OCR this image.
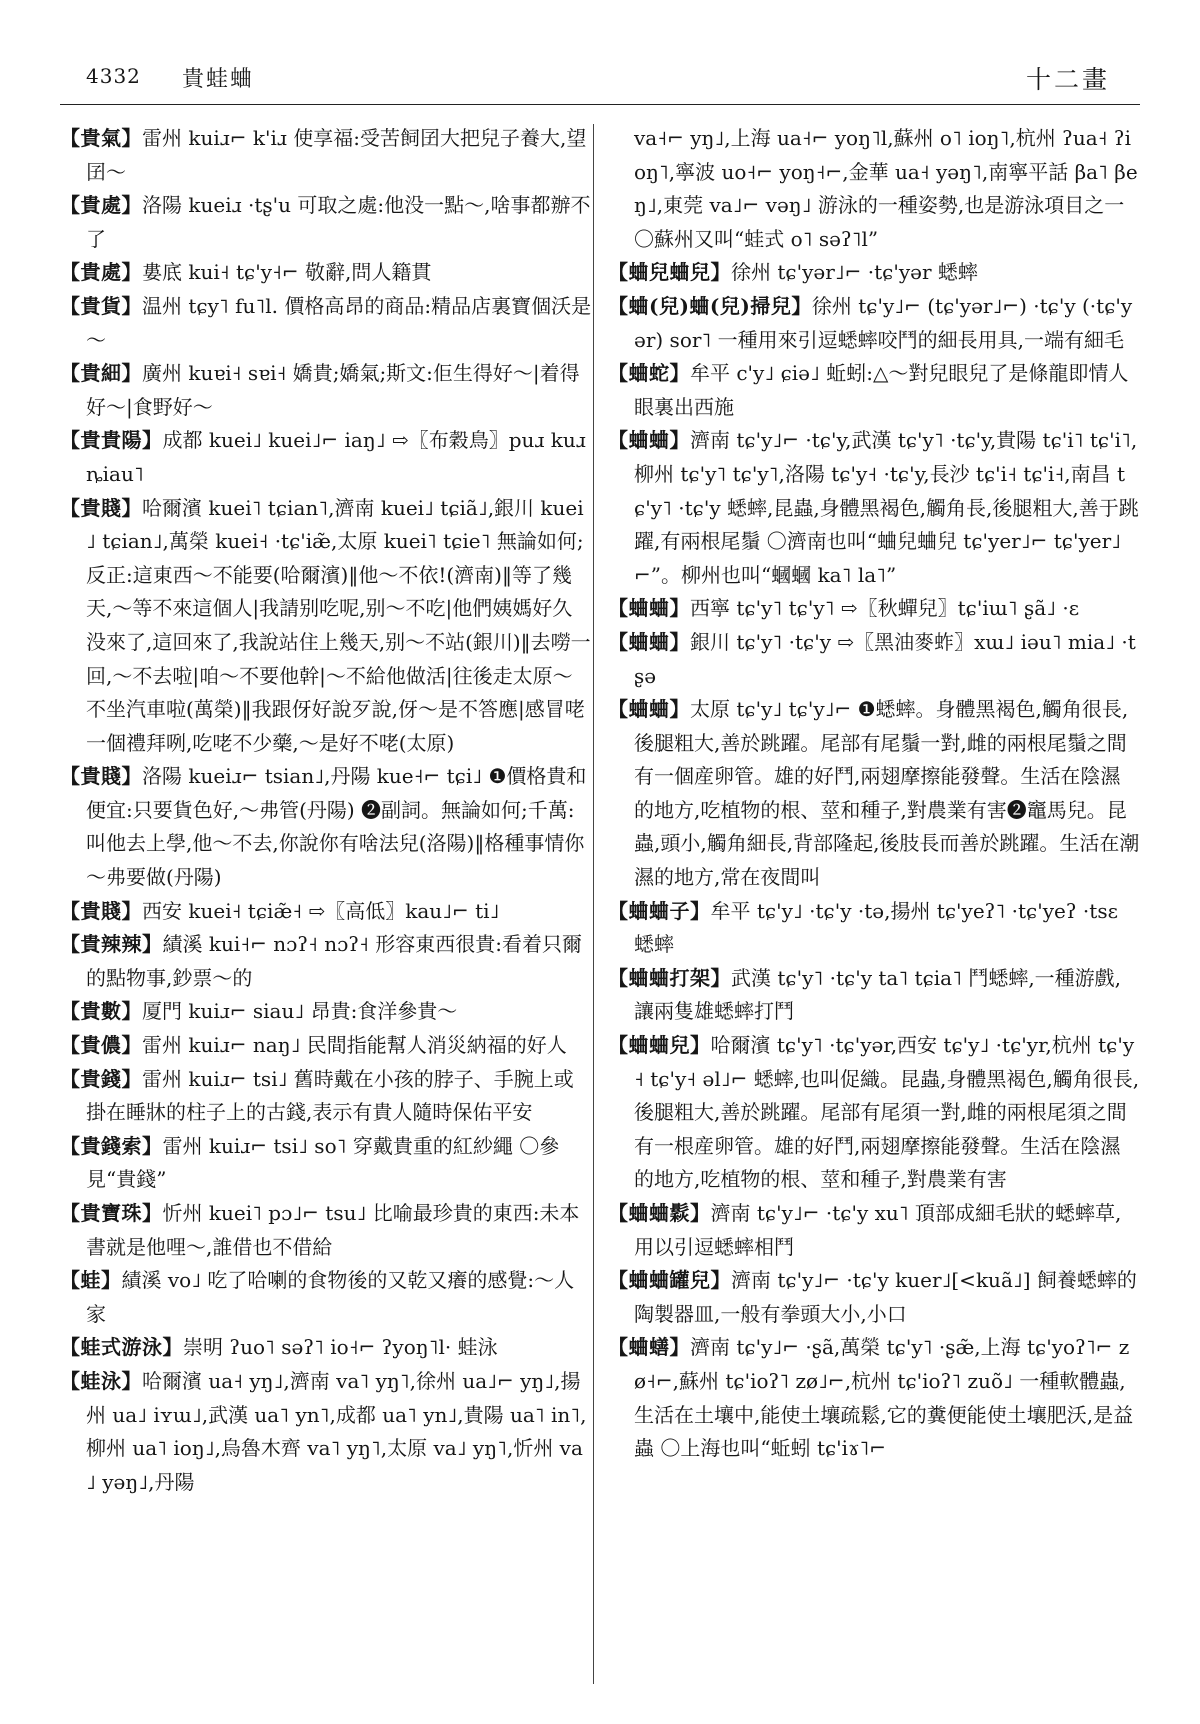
4332 貴蛙蛐	十二畫

【貴氣】雷州 kuiɹ⌐ k'iɹ 使享福:受苦飼囝大把兒子養大,望囝～

【貴處】洛陽 kueiɹ ·tʂ'u 可取之處:他没一點～,啥事都辦不了

【貴處】婁底 kui˧ tɕ'y˧⌐ 敬辭,問人籍貫

【貴貨】温州 tɕy˥ fu˥l. 價格高昂的商品:精品店裏寶個沃是～

【貴細】廣州 kuɐi˧ sɐi˧ 嬌貴;嬌氣;斯文:佢生得好～|着得好～|食野好～

【貴貴陽】成都 kuei˩ kuei˩⌐ iaŋ˩ ⇨〖布穀鳥〗puɹ kuɹ ȵiau˥

【貴賤】哈爾濱 kuei˥ tɕian˥,濟南 kuei˩ tɕiã˩,銀川 kuei˩ tɕian˩,萬榮 kuei˧ ·tɕ'iæ̃,太原 kuei˥ tɕie˥ 無論如何;反正:這東西～不能要(哈爾濱)‖他～不依!(濟南)‖等了幾天,～等不來這個人|我請别吃呢,别～不吃|他們姨媽好久没來了,這回來了,我說站住上幾天,别～不站(銀川)‖去嘮一回,～不去啦|咱～不要他幹|～不給他做活|往後走太原～不坐汽車啦(萬榮)‖我跟伢好說歹說,伢～是不答應|感冒咾一個禮拜咧,吃咾不少藥,～是好不咾(太原)

【貴賤】洛陽 kueiɹ⌐ tsian˩,丹陽 kue˧⌐ tɕi˩ ❶價格貴和便宜:只要貨色好,～弗管(丹陽) ❷副詞。無論如何;千萬:叫他去上學,他～不去,你說你有啥法兒(洛陽)‖格種事情你～弗要做(丹陽)

【貴賤】西安 kuei˧ tɕiæ̃˧ ⇨〖高低〗kau˩⌐ ti˩

【貴辣辣】績溪 kui˧⌐ nɔʔ˧ nɔʔ˧ 形容東西很貴:看着只爾的點物事,鈔票～的

【貴數】厦門 kuiɹ⌐ siau˩ 昂貴:食洋參貴～

【貴儂】雷州 kuiɹ⌐ naŋ˩ 民間指能幫人消災納福的好人

【貴錢】雷州 kuiɹ⌐ tsi˩ 舊時戴在小孩的脖子、手腕上或掛在睡牀的柱子上的古錢,表示有貴人隨時保佑平安

【貴錢索】雷州 kuiɹ⌐ tsi˩ so˥ 穿戴貴重的紅紗繩 〇參見“貴錢”

【貴寶珠】忻州 kuei˥ pɔ˩⌐ tsu˩ 比喻最珍貴的東西:未本書就是他哩～,誰借也不借給

【蛙】績溪 vo˩ 吃了哈喇的食物後的又乾又癢的感覺:～人家

【蛙式游泳】崇明 ʔuo˥ səʔ˥ io˧⌐ ʔyoŋ˥l· 蛙泳

【蛙泳】哈爾濱 ua˧ yŋ˩,濟南 va˥ yŋ˥,徐州 ua˩⌐ yŋ˩,揚州 ua˩ iʏɯ˩,武漢 ua˥ yn˥,成都 ua˥ yn˩,貴陽 ua˥ in˥,柳州 ua˥ ioŋ˩,烏魯木齊 va˥ yŋ˥,太原 va˩ yŋ˥,忻州 va˩ yəŋ˩,丹陽

va˧⌐ yŋ˩,上海 ua˧⌐ yoŋ˥l,蘇州 o˥ ioŋ˥,杭州 ʔua˧ ʔioŋ˥,寧波 uo˧⌐ yoŋ˧⌐,金華 ua˧ yəŋ˥,南寧平話 βa˥ βeŋ˩,東莞 va˩⌐ vəŋ˩ 游泳的一種姿勢,也是游泳項目之一 〇蘇州又叫“蛙式 o˥ səʔ˥l”

【蛐兒蛐兒】徐州 tɕ'yər˩⌐ ·tɕ'yər 蟋蟀

【蛐(兒)蛐(兒)掃兒】徐州 tɕ'y˩⌐ (tɕ'yər˩⌐) ·tɕ'y (·tɕ'yər) sor˥ 一種用來引逗蟋蟀咬鬥的細長用具,一端有細毛

【蛐蛇】牟平 c'y˩ ɕiə˩ 蚯蚓:△～對兒眼兒了是條龍即情人眼裏出西施

【蛐蛐】濟南 tɕ'y˩⌐ ·tɕ'y,武漢 tɕ'y˥ ·tɕ'y,貴陽 tɕ'i˥ tɕ'i˥,柳州 tɕ'y˥ tɕ'y˥,洛陽 tɕ'y˧ ·tɕ'y,長沙 tɕ'i˧ tɕ'i˧,南昌 tɕ'y˥ ·tɕ'y 蟋蟀,昆蟲,身體黑褐色,觸角長,後腿粗大,善于跳躍,有兩根尾鬚 〇濟南也叫“蛐兒蛐兒 tɕ'yer˩⌐ tɕ'yer˩⌐”。柳州也叫“蟈蟈 ka˥ la˥”

【蛐蛐】西寧 tɕ'y˥ tɕ'y˥ ⇨〖秋蟬兒〗tɕ'iɯ˥ ʂã˩ ·ɛ

【蛐蛐】銀川 tɕ'y˥ ·tɕ'y ⇨〖黑油麥蚱〗xɯ˩ iəu˥ mia˩ ·tʂə

【蛐蛐】太原 tɕ'y˩ tɕ'y˩⌐ ❶蟋蟀。身體黑褐色,觸角很長,後腿粗大,善於跳躍。尾部有尾鬚一對,雌的兩根尾鬚之間有一個産卵管。雄的好鬥,兩翅摩擦能發聲。生活在陰濕的地方,吃植物的根、莖和種子,對農業有害❷竈馬兒。昆蟲,頭小,觸角細長,背部隆起,後肢長而善於跳躍。生活在潮濕的地方,常在夜間叫

【蛐蛐子】牟平 tɕ'y˩ ·tɕ'y ·tə,揚州 tɕ'yeʔ˥ ·tɕ'yeʔ ·tsɛ 蟋蟀

【蛐蛐打架】武漢 tɕ'y˥ ·tɕ'y ta˥ tɕia˥ 鬥蟋蟀,一種游戲,讓兩隻雄蟋蟀打鬥

【蛐蛐兒】哈爾濱 tɕ'y˥ ·tɕ'yər,西安 tɕ'y˩ ·tɕ'yr,杭州 tɕ'y˧ tɕ'y˧ əl˩⌐ 蟋蟀,也叫促織。昆蟲,身體黑褐色,觸角很長,後腿粗大,善於跳躍。尾部有尾須一對,雌的兩根尾須之間有一根産卵管。雄的好鬥,兩翅摩擦能發聲。生活在陰濕的地方,吃植物的根、莖和種子,對農業有害

【蛐蛐鬏】濟南 tɕ'y˩⌐ ·tɕ'y xu˥ 頂部成細毛狀的蟋蟀草,用以引逗蟋蟀相鬥

【蛐蛐罐兒】濟南 tɕ'y˩⌐ ·tɕ'y kuer˩[<kuã˩] 飼養蟋蟀的陶製器皿,一般有拳頭大小,小口

【蛐蟮】濟南 tɕ'y˩⌐ ·ʂã,萬榮 tɕ'y˥ ·ʂæ̃,上海 tɕ'yoʔ˥⌐ zø˧⌐,蘇州 tɕ'ioʔ˥ zø˩⌐,杭州 tɕ'ioʔ˥ zuõ˩ 一種軟體蟲,生活在土壤中,能使土壤疏鬆,它的糞便能使土壤肥沃,是益蟲 〇上海也叫“蚯蚓 tɕ'iɤ˥⌐
